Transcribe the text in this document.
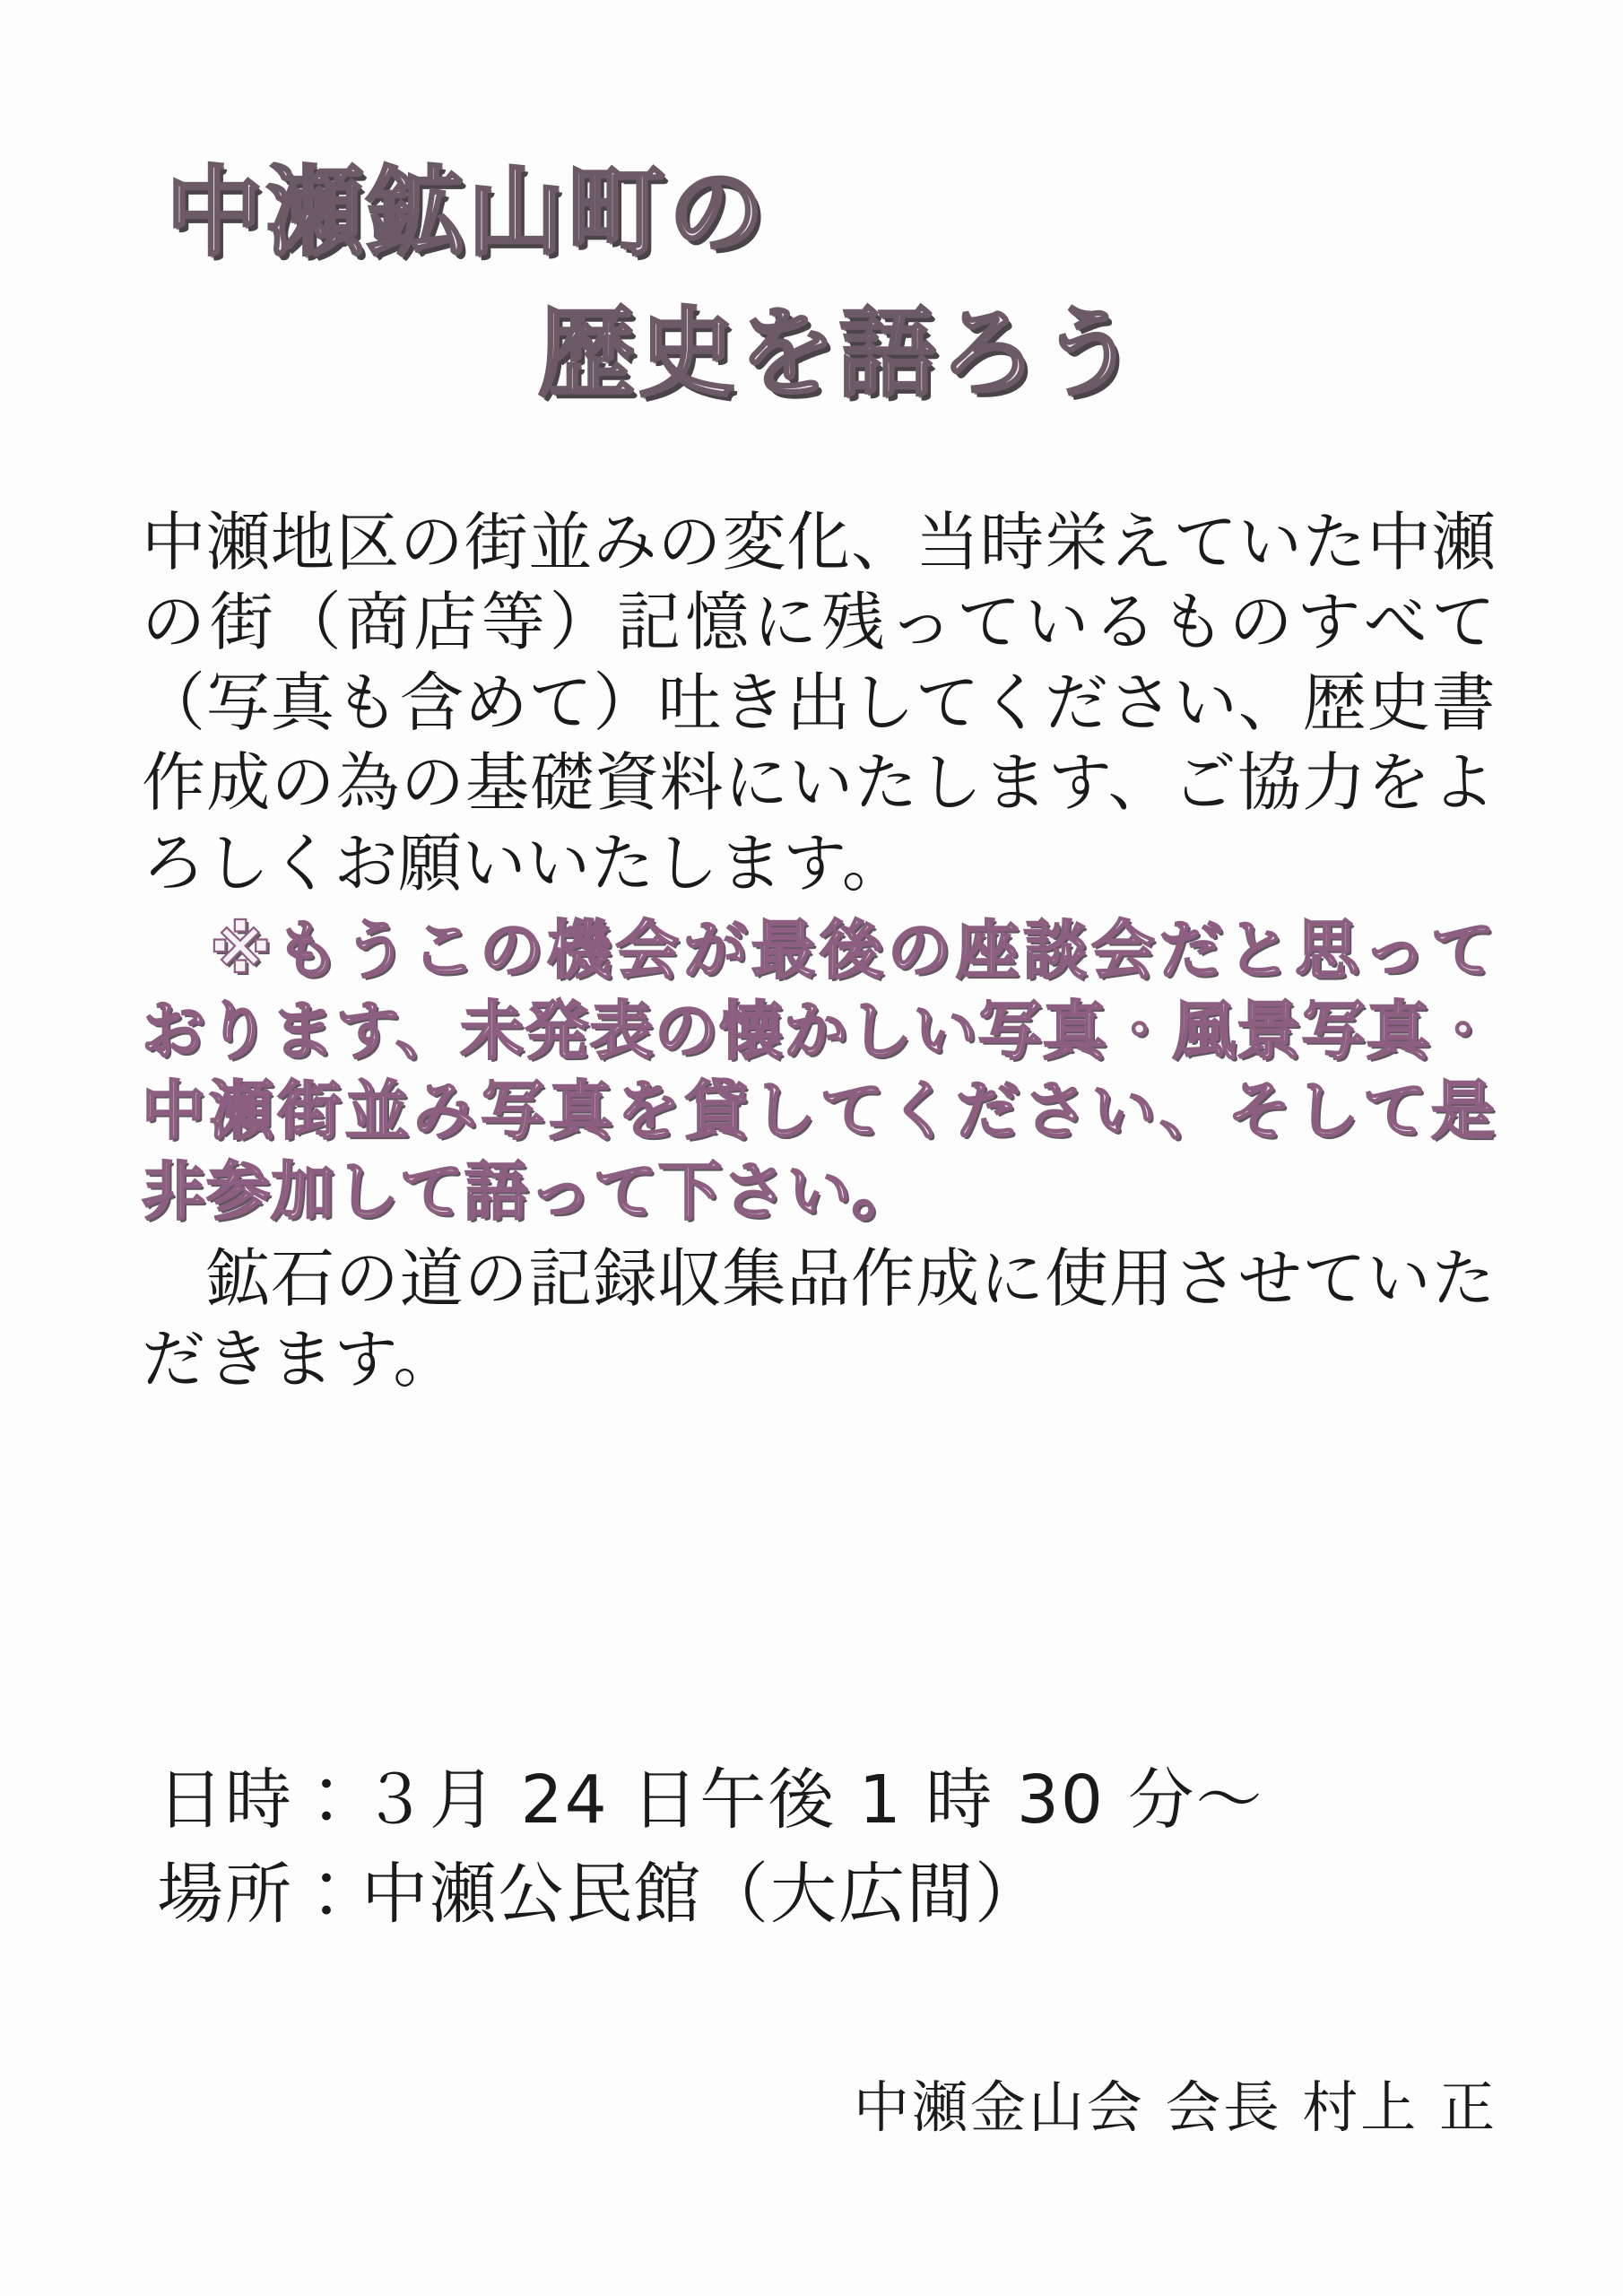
中瀬鉱山町の
歴史を語ろう

中瀬地区の街並みの変化、当時栄えていた中瀬の街（商店等）記憶に残っているものすべて（写真も含めて）吐き出してください、歴史書作成の為の基礎資料にいたします、ご協力をよろしくお願いいたします。

　※もうこの機会が最後の座談会だと思っております、未発表の懐かしい写真・風景写真・中瀬街並み写真を貸してください、そして是非参加して語って下さい。

　鉱石の道の記録収集品作成に使用させていただきます。

日時：３月 24 日午後 1 時 30 分〜
場所：中瀬公民館（大広間）
中瀬金山会 会長 村上 正
